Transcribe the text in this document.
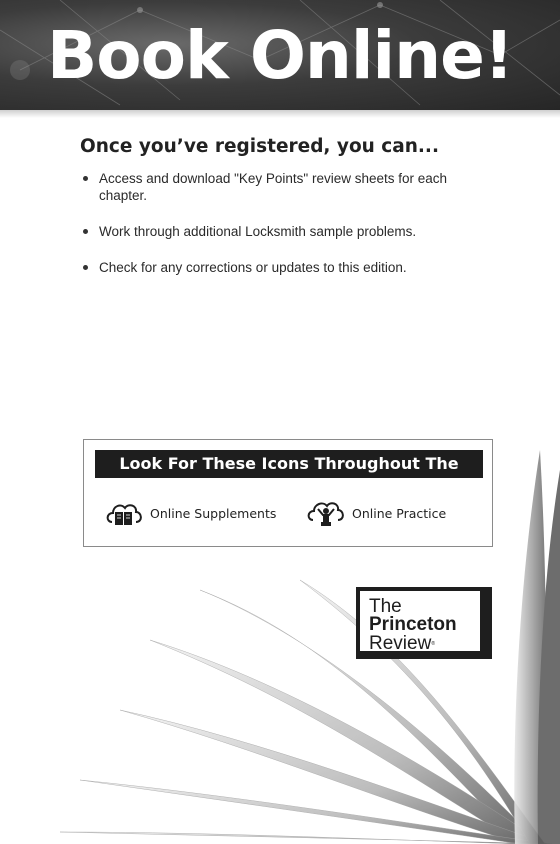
Book Online!
Once you’ve registered, you can...
Access and download "Key Points" review sheets for each chapter.
Work through additional Locksmith sample problems.
Check for any corrections or updates to this edition.
Look For These Icons Throughout The Book
Online Supplements	Online Practice
The
Princeton
Review®
